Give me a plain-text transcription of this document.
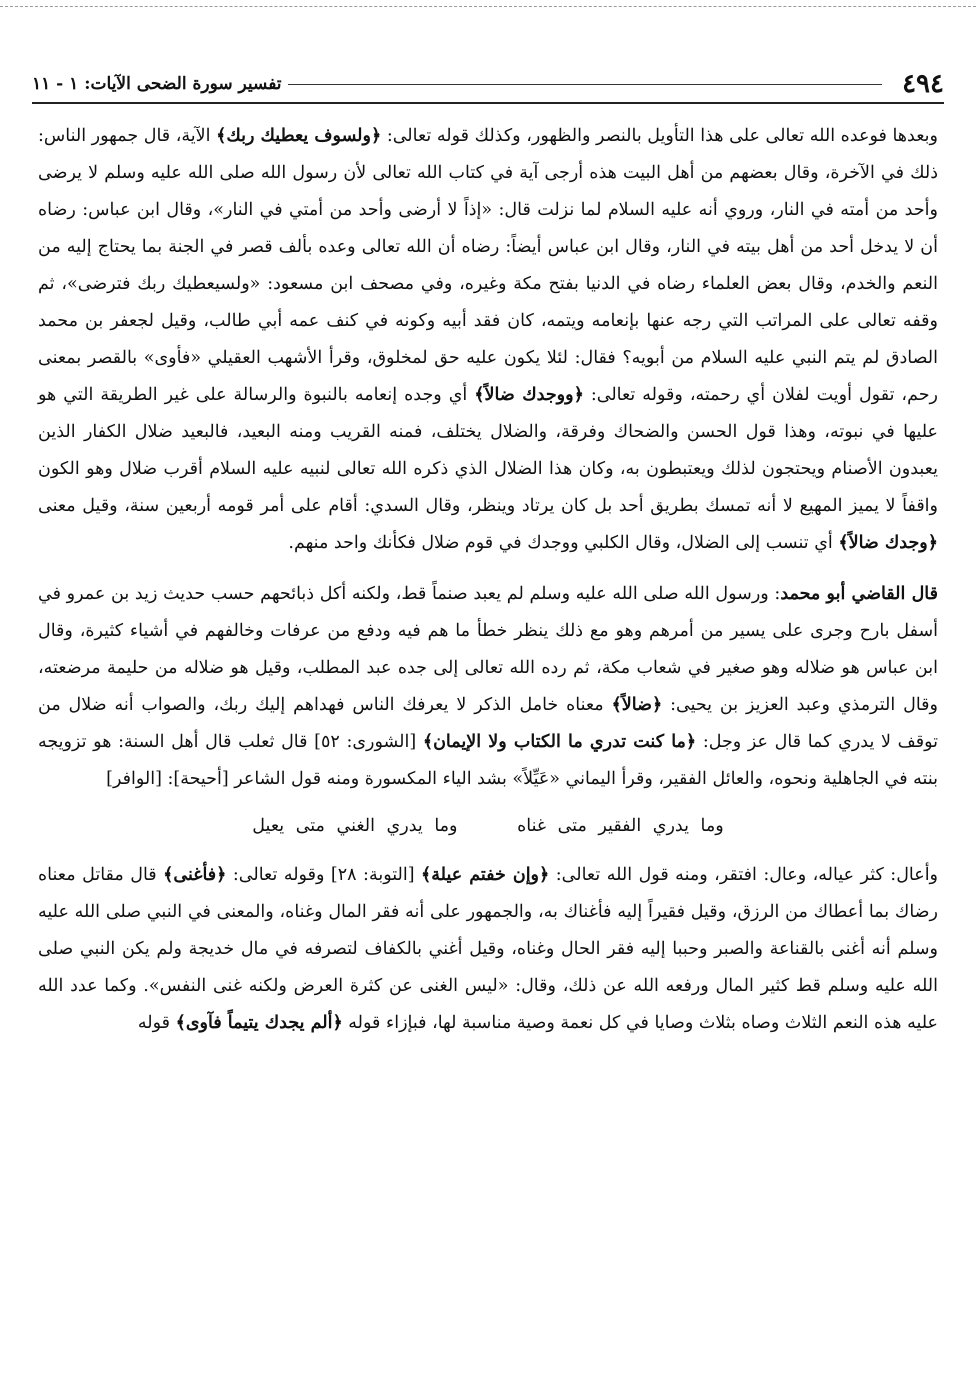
٤٩٤
تفسير سورة الضحى الآيات: ١ - ١١

وبعدها فوعده الله تعالى على هذا التأويل بالنصر والظهور، وكذلك قوله تعالى: ﴿ولسوف يعطيك ربك﴾ الآية، قال جمهور الناس: ذلك في الآخرة، وقال بعضهم من أهل البيت هذه أرجى آية في كتاب الله تعالى لأن رسول الله صلى الله عليه وسلم لا يرضى وأحد من أمته في النار، وروي أنه عليه السلام لما نزلت قال: «إذاً لا أرضى وأحد من أمتي في النار»، وقال ابن عباس: رضاه أن لا يدخل أحد من أهل بيته في النار، وقال ابن عباس أيضاً: رضاه أن الله تعالى وعده بألف قصر في الجنة بما يحتاج إليه من النعم والخدم، وقال بعض العلماء رضاه في الدنيا بفتح مكة وغيره، وفي مصحف ابن مسعود: «ولسيعطيك ربك فترضى»، ثم وقفه تعالى على المراتب التي رجه عنها بإنعامه ويتمه، كان فقد أبيه وكونه في كنف عمه أبي طالب، وقيل لجعفر بن محمد الصادق لم يتم النبي عليه السلام من أبويه؟ فقال: لئلا يكون عليه حق لمخلوق، وقرأ الأشهب العقيلي «فأوى» بالقصر بمعنى رحم، تقول أويت لفلان أي رحمته، وقوله تعالى: ﴿ووجدك ضالاً﴾ أي وجده إنعامه بالنبوة والرسالة على غير الطريقة التي هو عليها في نبوته، وهذا قول الحسن والضحاك وفرقة، والضلال يختلف، فمنه القريب ومنه البعيد، فالبعيد ضلال الكفار الذين يعبدون الأصنام ويحتجون لذلك ويعتبطون به، وكان هذا الضلال الذي ذكره الله تعالى لنبيه عليه السلام أقرب ضلال وهو الكون واقفاً لا يميز المهيع لا أنه تمسك بطريق أحد بل كان يرتاد وينظر، وقال السدي: أقام على أمر قومه أربعين سنة، وقيل معنى ﴿وجدك ضالاً﴾ أي تنسب إلى الضلال، وقال الكلبي ووجدك في قوم ضلال فكأنك واحد منهم.

قال القاضي أبو محمد: ورسول الله صلى الله عليه وسلم لم يعبد صنماً قط، ولكنه أكل ذبائحهم حسب حديث زيد بن عمرو في أسفل بارح وجرى على يسير من أمرهم وهو مع ذلك ينظر خطأ ما هم فيه ودفع من عرفات وخالفهم في أشياء كثيرة، وقال ابن عباس هو ضلاله وهو صغير في شعاب مكة، ثم رده الله تعالى إلى جده عبد المطلب، وقيل هو ضلاله من حليمة مرضعته، وقال الترمذي وعبد العزيز بن يحيى: ﴿ضالاً﴾ معناه خامل الذكر لا يعرفك الناس فهداهم إليك ربك، والصواب أنه ضلال من توقف لا يدري كما قال عز وجل: ﴿ما كنت تدري ما الكتاب ولا الإيمان﴾ [الشورى: ٥٢] قال ثعلب قال أهل السنة: هو تزويجه بنته في الجاهلية ونحوه، والعائل الفقير، وقرأ اليماني «عَيِّلاً» بشد الياء المكسورة ومنه قول الشاعر [أحيحة]: [الوافر]

وما يدري الفقير متى غناه وما يدري الغني متى يعيل

وأعال: كثر عياله، وعال: افتقر، ومنه قول الله تعالى: ﴿وإن خفتم عيلة﴾ [التوبة: ٢٨] وقوله تعالى: ﴿فأغنى﴾ قال مقاتل معناه رضاك بما أعطاك من الرزق، وقيل فقيراً إليه فأغناك به، والجمهور على أنه فقر المال وغناه، والمعنى في النبي صلى الله عليه وسلم أنه أغنى بالقناعة والصبر وحببا إليه فقر الحال وغناه، وقيل أغني بالكفاف لتصرفه في مال خديجة ولم يكن النبي صلى الله عليه وسلم قط كثير المال ورفعه الله عن ذلك، وقال: «ليس الغنى عن كثرة العرض ولكنه غنى النفس». وكما عدد الله عليه هذه النعم الثلاث وصاه بثلاث وصايا في كل نعمة وصية مناسبة لها، فبإزاء قوله ﴿ألم يجدك يتيماً فآوى﴾ قوله
